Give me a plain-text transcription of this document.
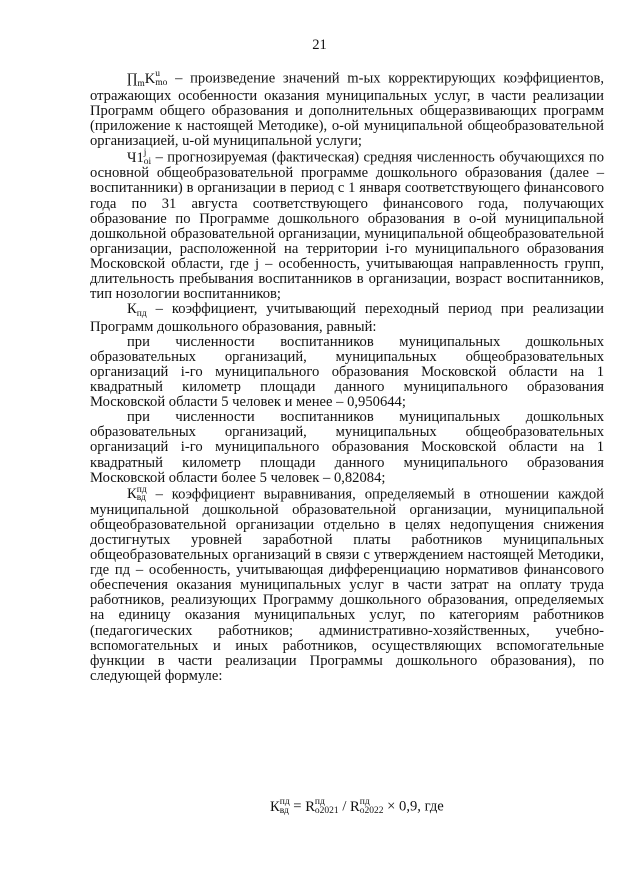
21

$\prod_mK$ u
mo – произведение значений m-ых корректирующих коэффициентов, отражающих особенности оказания муниципальных услуг, в части реализации Программ общего образования и дополнительных общеразвивающих программ (приложение к настоящей Методике), o-ой муниципальной общеобразовательной организацией, u-ой муниципальной услуги;

Ч1 j
oi – прогнозируемая (фактическая) средняя численность обучающихся по основной общеобразовательной программе дошкольного образования (далее – воспитанники) в организации в период с 1 января соответствующего финансового года по 31 августа соответствующего финансового года, получающих образование по Программе дошкольного образования в o-ой муниципальной дошкольной образовательной организации, муниципальной общеобразовательной организации, расположенной на территории i-го муниципального образования Московской области, где j – особенность, учитывающая направленность групп, длительность пребывания воспитанников в организации, возраст воспитанников, тип нозологии воспитанников;

$К_{пд}$ – коэффициент, учитывающий переходный период при реализации Программ дошкольного образования, равный:

при численности воспитанников муниципальных дошкольных образовательных организаций, муниципальных общеобразовательных организаций i-го муниципального образования Московской области на 1 квадратный километр площади данного муниципального образования Московской области 5 человек и менее – 0,950644;

при численности воспитанников муниципальных дошкольных образовательных организаций, муниципальных общеобразовательных организаций i-го муниципального образования Московской области на 1 квадратный километр площади данного муниципального образования Московской области более 5 человек – 0,82084;

К пд
вд – коэффициент выравнивания, определяемый в отношении каждой муниципальной дошкольной образовательной организации, муниципальной общеобразовательной организации отдельно в целях недопущения снижения достигнутых уровней заработной платы работников муниципальных общеобразовательных организаций в связи с утверждением настоящей Методики, где пд – особенность, учитывающая дифференциацию нормативов финансового обеспечения оказания муниципальных услуг в части затрат на оплату труда работников, реализующих Программу дошкольного образования, определяемых на единицу оказания муниципальных услуг, по категориям работников (педагогических работников; административно-хозяйственных, учебно-вспомогательных и иных работников, осуществляющих вспомогательные функции в части реализации Программы дошкольного образования), по следующей формуле:

К пд
вд = R пд
o2021 / R пд
o2022 × 0,9, где
